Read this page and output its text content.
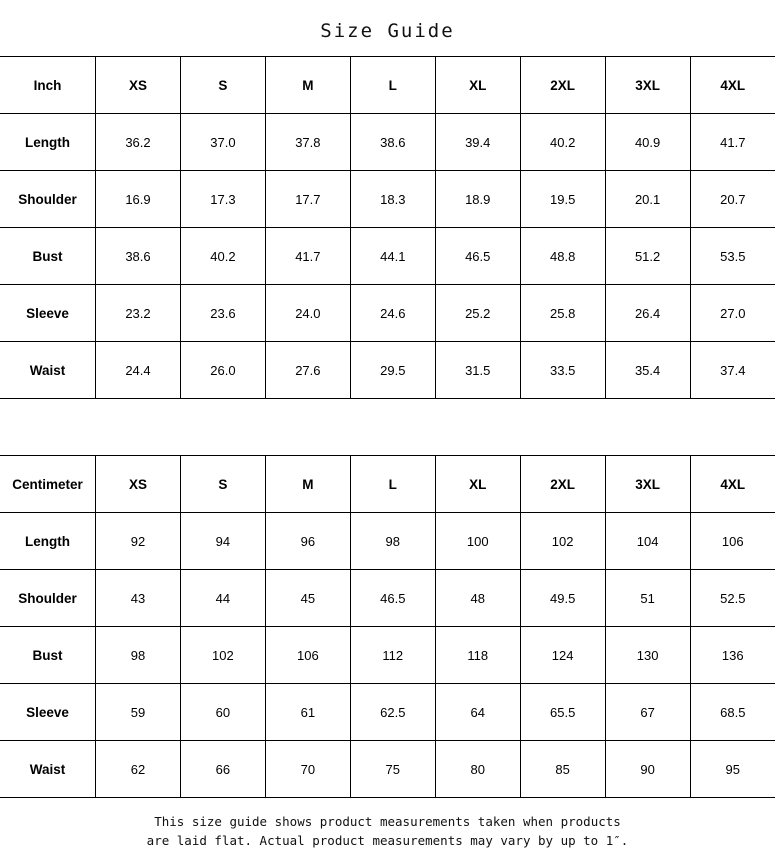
Size Guide
Inch	XS	S	M	L	XL	2XL	3XL	4XL
Length	36.2	37.0	37.8	38.6	39.4	40.2	40.9	41.7
Shoulder	16.9	17.3	17.7	18.3	18.9	19.5	20.1	20.7
Bust	38.6	40.2	41.7	44.1	46.5	48.8	51.2	53.5
Sleeve	23.2	23.6	24.0	24.6	25.2	25.8	26.4	27.0
Waist	24.4	26.0	27.6	29.5	31.5	33.5	35.4	37.4
Centimeter	XS	S	M	L	XL	2XL	3XL	4XL
Length	92	94	96	98	100	102	104	106
Shoulder	43	44	45	46.5	48	49.5	51	52.5
Bust	98	102	106	112	118	124	130	136
Sleeve	59	60	61	62.5	64	65.5	67	68.5
Waist	62	66	70	75	80	85	90	95
This size guide shows product measurements taken when products
are laid flat. Actual product measurements may vary by up to 1″.
